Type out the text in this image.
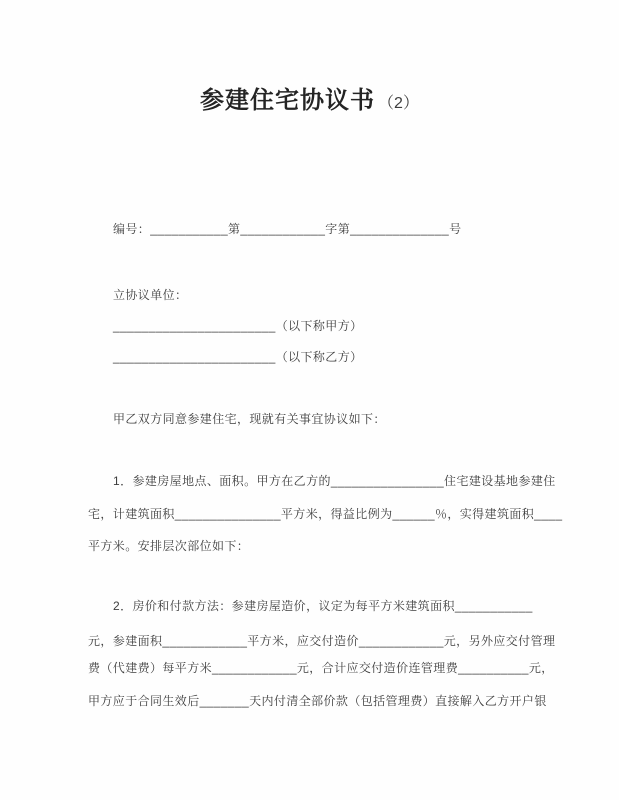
参建住宅协议书 （2）
编号：___________第____________字第______________号
立协议单位：
_______________________（以下称甲方）
_______________________（以下称乙方）
甲乙双方同意参建住宅，现就有关事宜协议如下：
1．参建房屋地点、面积。甲方在乙方的________________住宅建设基地参建住
宅，计建筑面积_______________平方米，得益比例为______％，实得建筑面积____
平方米。安排层次部位如下：
2．房价和付款方法：参建房屋造价，议定为每平方米建筑面积___________
元，参建面积____________平方米，应交付造价____________元，另外应交付管理
费（代建费）每平方米____________元，合计应交付造价连管理费__________元，
甲方应于合同生效后_______天内付清全部价款（包括管理费）直接解入乙方开户银
